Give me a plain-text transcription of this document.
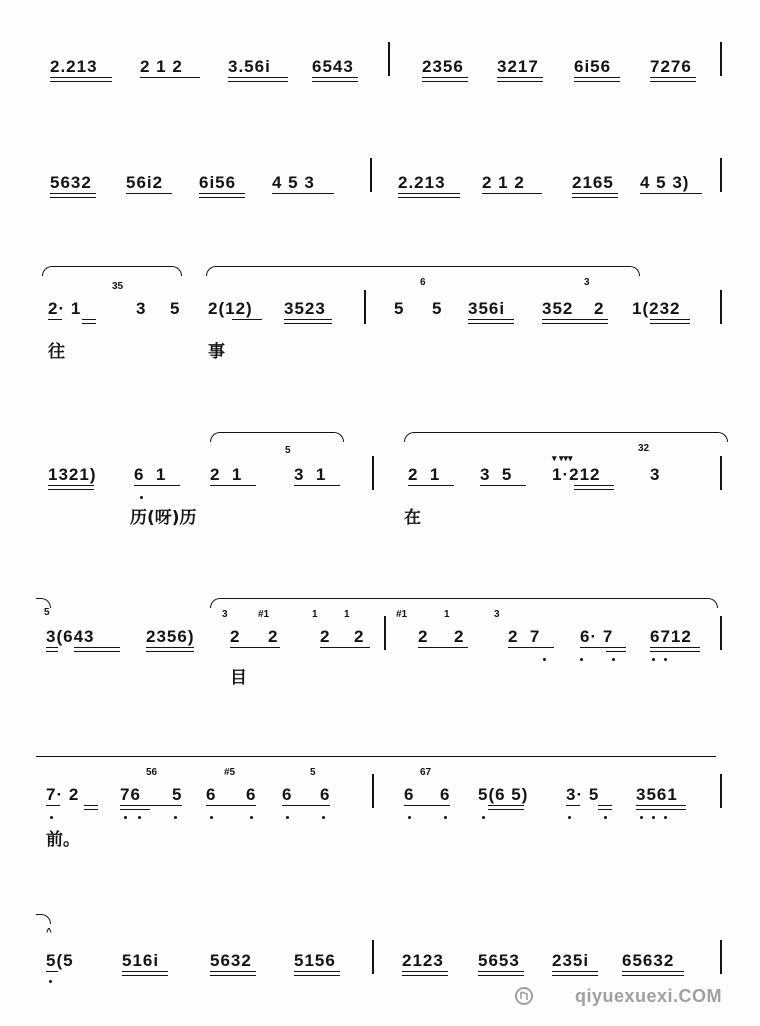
2.213 2 1 2	3.56i 6543	2356 3217 6i56 7276
5632 56i2 6i56 4 5 3	2.213 2 1 2	2165 4 5 3)
35	6	3
2· 1	3 5 2(12) 3523	5 5 356i 352 2 1(232
往	事
5	32
▾ ▾▾▾
1321) 6  1	2  1	3  1	2  1 3  5 1·212	3
历(呀)历	在
5	3	#1	1	1	#1	1	3
3(643	2356) 2 2 2 2	2 2	2  7 6· 7 6712
目
56	#5	5	67
7· 2 76 5 6 6 6 6	6 6 5(6 5) 3· 5 3561
前。
^
5(5	516i	5632 5156	2123 5653 235i 65632
qiyuexuexi.COM
